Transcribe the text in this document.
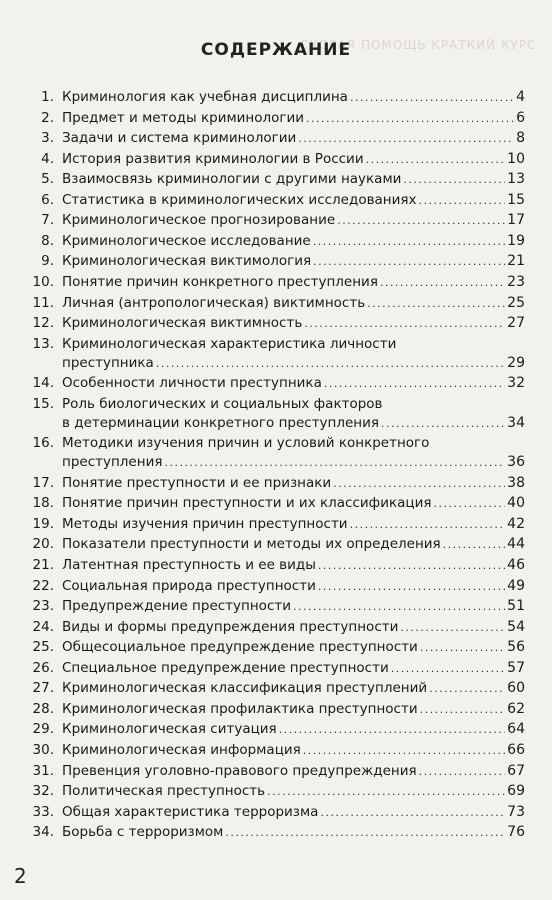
СКОРАЯ ПОМОЩЬ КРАТКИЙ КУРС
СОДЕРЖАНИЕ
1. Криминология как учебная дисциплина . . .	4
2. Предмет и методы криминологии . . .	6
3. Задачи и система криминологии . . .	8
4. История развития криминологии в России . . .	10
5. Взаимосвязь криминологии с другими науками . . .	13
6. Статистика в криминологических исследованиях . . .	15
7. Криминологическое прогнозирование . . .	17
8. Криминологическое исследование . . .	19
9. Криминологическая виктимология . . .	21
10. Понятие причин конкретного преступления . . .	23
11. Личная (антропологическая) виктимность . . .	25
12. Криминологическая виктимность . . .	27
13. Криминологическая характеристика личности
преступника . . .	29
14. Особенности личности преступника . . .	32
15. Роль биологических и социальных факторов
в детерминации конкретного преступления . . .	34
16. Методики изучения причин и условий конкретного
преступления . . .	36
17. Понятие преступности и ее признаки . . .	38
18. Понятие причин преступности и их классификация . . .	40
19. Методы изучения причин преступности . . .	42
20. Показатели преступности и методы их определения . . .	44
21. Латентная преступность и ее виды . . .	46
22. Социальная природа преступности . . .	49
23. Предупреждение преступности . . .	51
24. Виды и формы предупреждения преступности . . .	54
25. Общесоциальное предупреждение преступности . . .	56
26. Специальное предупреждение преступности . . .	57
27. Криминологическая классификация преступлений . . .	60
28. Криминологическая профилактика преступности . . .	62
29. Криминологическая ситуация . . .	64
30. Криминологическая информация . . .	66
31. Превенция уголовно-правового предупреждения . . .	67
32. Политическая преступность . . .	69
33. Общая характеристика терроризма . . .	73
34. Борьба с терроризмом . . .	76
2
